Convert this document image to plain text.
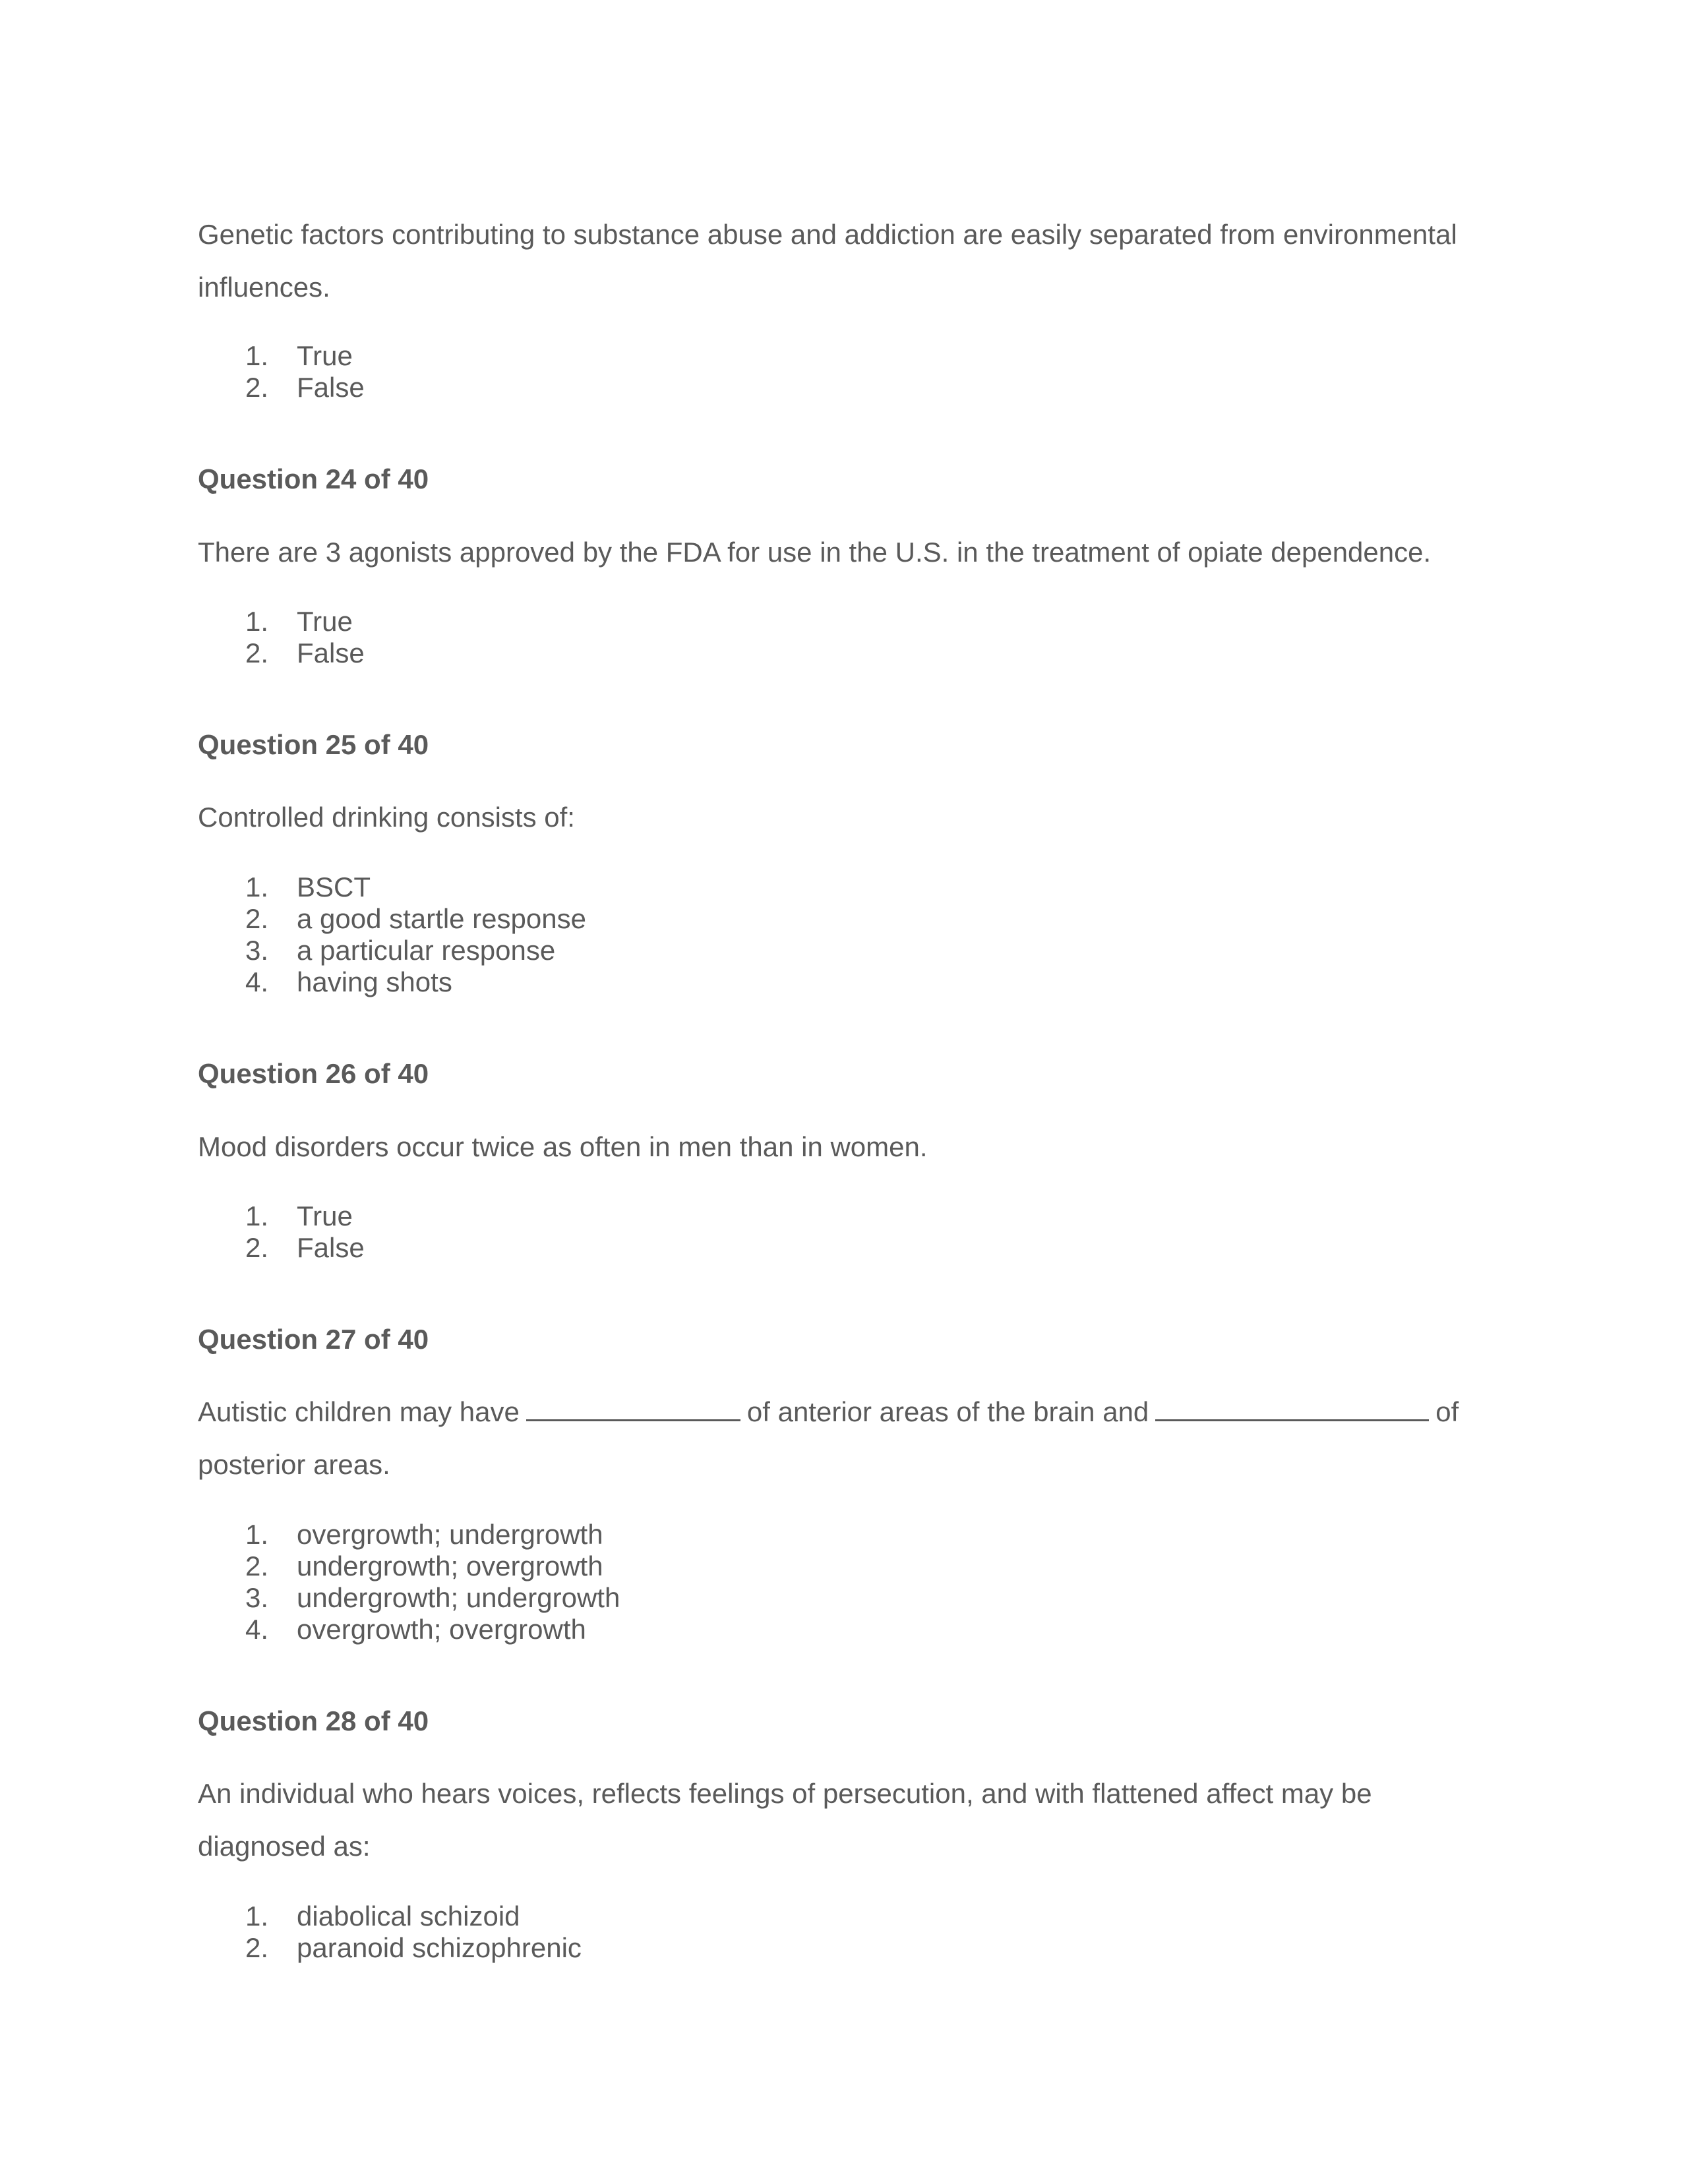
Genetic factors contributing to substance abuse and addiction are easily separated from environmental influences.

1. True
2. False
Question 24 of 40

There are 3 agonists approved by the FDA for use in the U.S. in the treatment of opiate dependence.

1. True
2. False
Question 25 of 40

Controlled drinking consists of:

1. BSCT
2. a good startle response
3. a particular response
4. having shots
Question 26 of 40

Mood disorders occur twice as often in men than in women.

1. True
2. False
Question 27 of 40

Autistic children may have	of anterior areas of the brain and	of posterior areas.

1. overgrowth; undergrowth
2. undergrowth; overgrowth
3. undergrowth; undergrowth
4. overgrowth; overgrowth
Question 28 of 40

An individual who hears voices, reflects feelings of persecution, and with flattened affect may be diagnosed as:

1. diabolical schizoid
2. paranoid schizophrenic
